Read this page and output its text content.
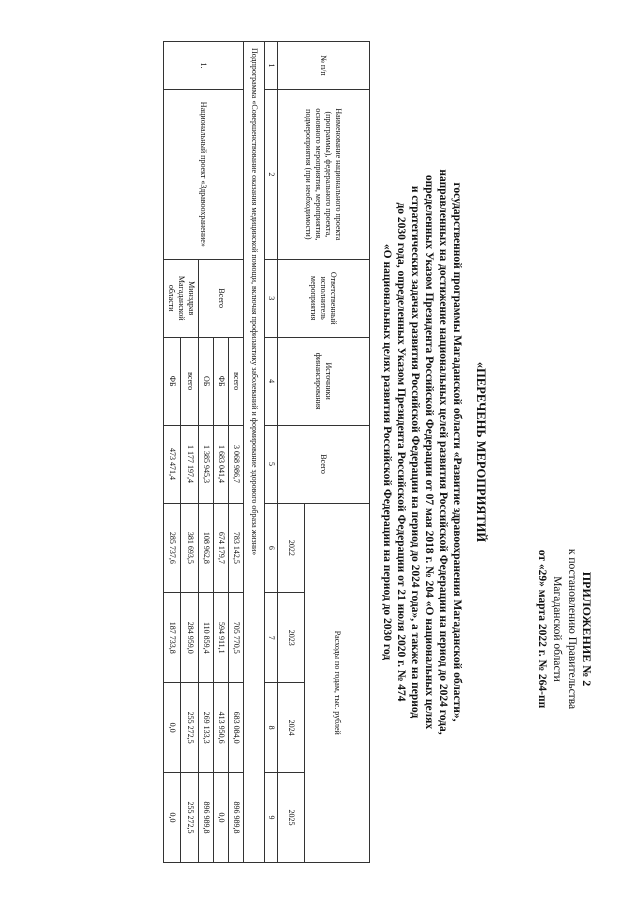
ПРИЛОЖЕНИЕ № 2
к постановлению Правительства
Магаданской области
от «29» марта 2022 г. № 264-пп
«ПЕРЕЧЕНЬ МЕРОПРИЯТИЙ
государственной программы Магаданской области «Развитие здравоохранения Магаданской области»,
направленных на достижение национальных целей развития Российской Федерации на период до 2024 года,
определенных Указом Президента Российской Федерации от 07 мая 2018 г. № 204 «О национальных целях
и стратегических задачах развития Российской Федерации на период до 2024 года», а также на период
до 2030 года, определенных Указом Президента Российской Федерации от 21 июля 2020 г. № 474
«О национальных целях развития Российской Федерации на период до 2030 год
№ п/п	Наименование национального проекта (программы), федерального проекта, основного мероприятия, мероприятия, подмероприятия (при необходимости)	Ответственный исполнитель мероприятия	Источники финансирования	Всего	Расходы по годам, тыс. рублей			
					2022	2023	2024	2025
1	2	3	4	5	6	7	8	9
Подпрограмма «Совершенствование оказания медицинской помощи, включая профилактику заболеваний и формирование здорового образа жизни»								
1.	Национальный проект «Здравоохранение»	Всего	всего	3 068 986,7	783 142,5	705 770,5	683 084,0	896 989,8
			ФБ	1 683 041,4	674 179,7	594 911,1	413 950,6	0,0
			ОБ	1 385 945,3	108 962,8	110 859,4	269 133,3	896 989,8
		Минздрав Магаданской области	всего	1 177 197,4	381 693,5	284 959,0	255 272,5	255 272,5
			ФБ	473 471,4	285 737,6	187 733,8	0,0	0,0
